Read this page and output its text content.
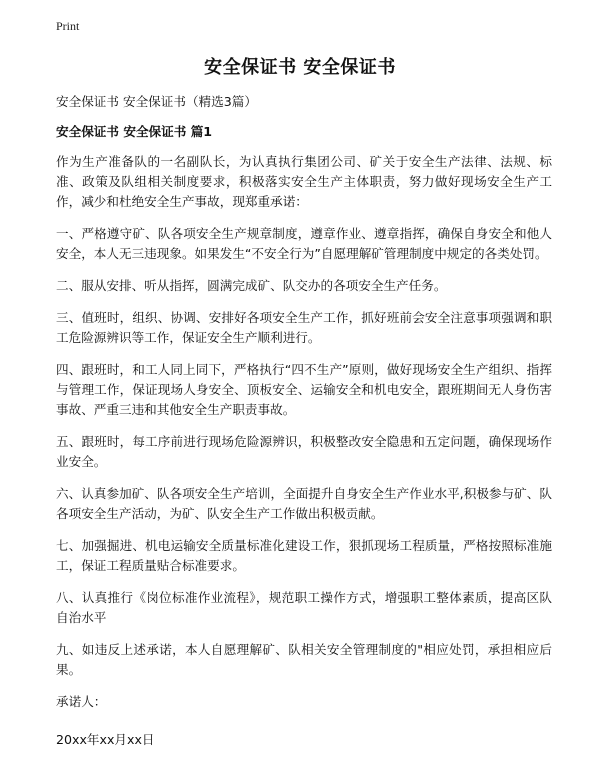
Print
安全保证书 安全保证书

安全保证书 安全保证书（精选3篇）

安全保证书 安全保证书 篇1

作为生产准备队的一名副队长，为认真执行集团公司、矿关于安全生产法律、法规、标准、政策及队组相关制度要求，积极落实安全生产主体职责，努力做好现场安全生产工作，减少和杜绝安全生产事故，现郑重承诺：

一、严格遵守矿、队各项安全生产规章制度，遵章作业、遵章指挥，确保自身安全和他人安全，本人无三违现象。如果发生“不安全行为”自愿理解矿管理制度中规定的各类处罚。

二、服从安排、听从指挥，圆满完成矿、队交办的各项安全生产任务。

三、值班时，组织、协调、安排好各项安全生产工作，抓好班前会安全注意事项强调和职工危险源辨识等工作，保证安全生产顺利进行。

四、跟班时，和工人同上同下，严格执行“四不生产”原则，做好现场安全生产组织、指挥与管理工作，保证现场人身安全、顶板安全、运输安全和机电安全，跟班期间无人身伤害事故、严重三违和其他安全生产职责事故。

五、跟班时，每工序前进行现场危险源辨识，积极整改安全隐患和五定问题，确保现场作业安全。

六、认真参加矿、队各项安全生产培训，全面提升自身安全生产作业水平,积极参与矿、队各项安全生产活动，为矿、队安全生产工作做出积极贡献。

七、加强掘进、机电运输安全质量标准化建设工作，狠抓现场工程质量，严格按照标准施工，保证工程质量贴合标准要求。

八、认真推行《岗位标准作业流程》，规范职工操作方式，增强职工整体素质，提高区队自治水平

九、如违反上述承诺，本人自愿理解矿、队相关安全管理制度的"相应处罚，承担相应后果。

承诺人：

20xx年xx月xx日
